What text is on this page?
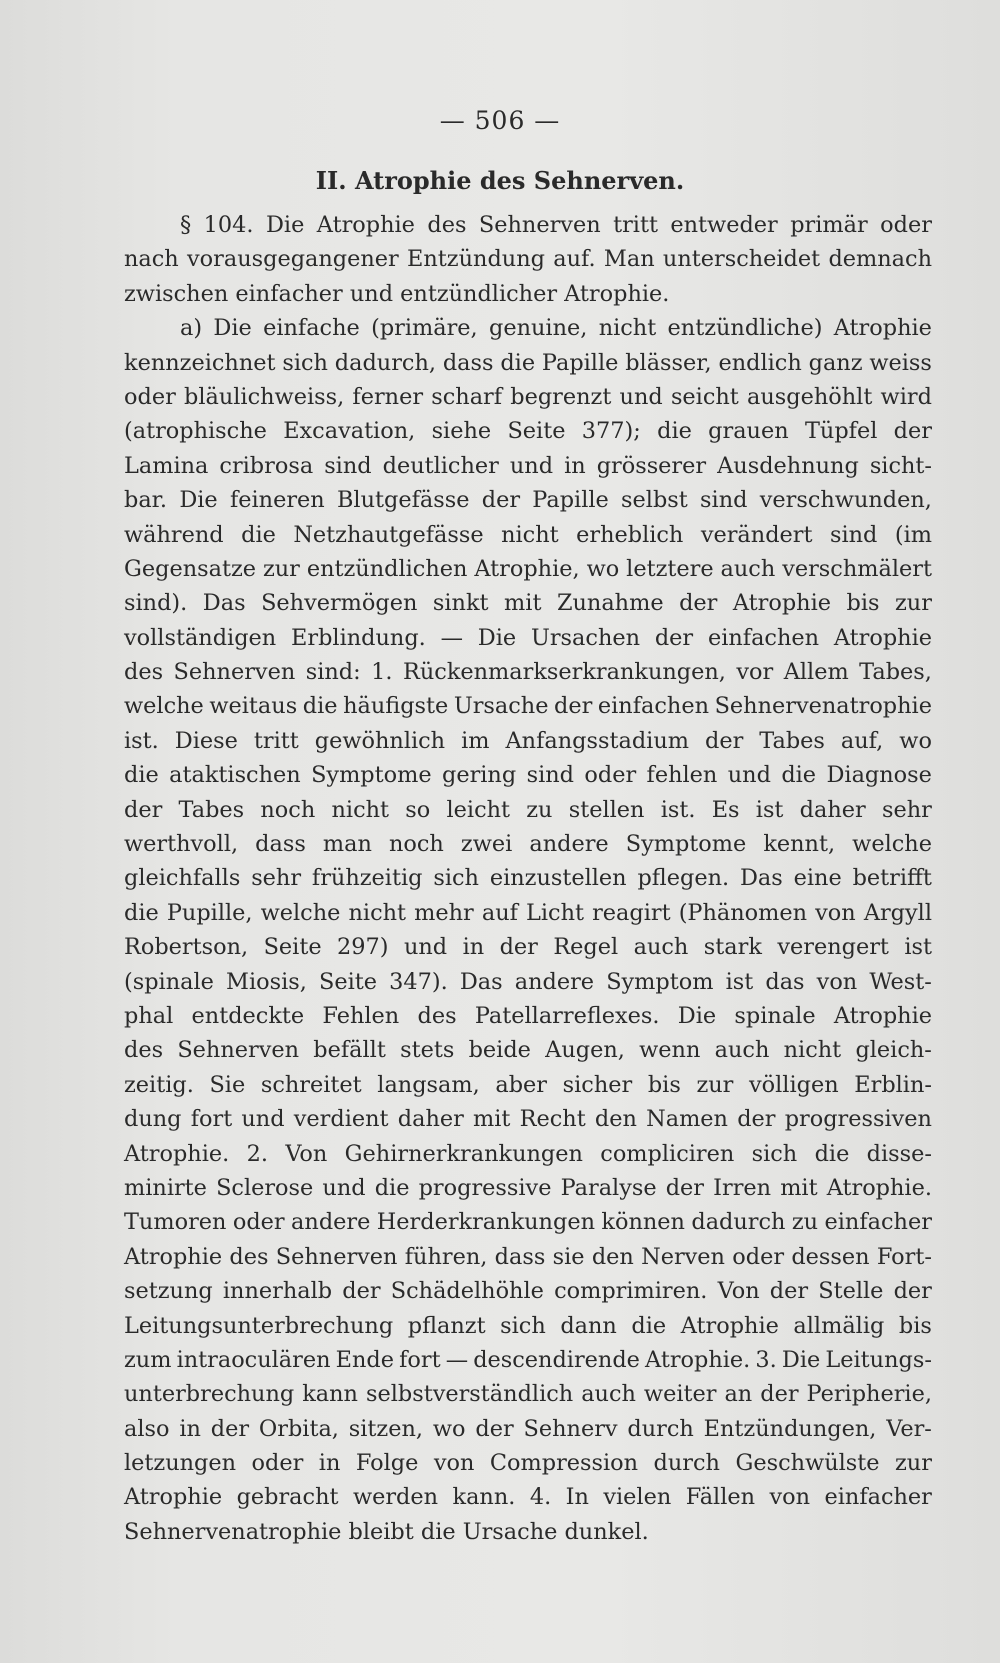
— 506 —
II. Atrophie des Sehnerven.
§ 104. Die Atrophie des Sehnerven tritt entweder primär oder
nach vorausgegangener Entzündung auf. Man unterscheidet demnach
zwischen einfacher und entzündlicher Atrophie.
a) Die einfache (primäre, genuine, nicht entzündliche) Atrophie
kennzeichnet sich dadurch, dass die Papille blässer, endlich ganz weiss
oder bläulichweiss, ferner scharf begrenzt und seicht ausgehöhlt wird
(atrophische Excavation, siehe Seite 377); die grauen Tüpfel der
Lamina cribrosa sind deutlicher und in grösserer Ausdehnung sicht-
bar. Die feineren Blutgefässe der Papille selbst sind verschwunden,
während die Netzhautgefässe nicht erheblich verändert sind (im
Gegensatze zur entzündlichen Atrophie, wo letztere auch verschmälert
sind). Das Sehvermögen sinkt mit Zunahme der Atrophie bis zur
vollständigen Erblindung. — Die Ursachen der einfachen Atrophie
des Sehnerven sind: 1. Rückenmarkserkrankungen, vor Allem Tabes,
welche weitaus die häufigste Ursache der einfachen Sehnervenatrophie
ist. Diese tritt gewöhnlich im Anfangsstadium der Tabes auf, wo
die ataktischen Symptome gering sind oder fehlen und die Diagnose
der Tabes noch nicht so leicht zu stellen ist. Es ist daher sehr
werthvoll, dass man noch zwei andere Symptome kennt, welche
gleichfalls sehr frühzeitig sich einzustellen pflegen. Das eine betrifft
die Pupille, welche nicht mehr auf Licht reagirt (Phänomen von Argyll
Robertson, Seite 297) und in der Regel auch stark verengert ist
(spinale Miosis, Seite 347). Das andere Symptom ist das von West-
phal entdeckte Fehlen des Patellarreflexes. Die spinale Atrophie
des Sehnerven befällt stets beide Augen, wenn auch nicht gleich-
zeitig. Sie schreitet langsam, aber sicher bis zur völligen Erblin-
dung fort und verdient daher mit Recht den Namen der progressiven
Atrophie. 2. Von Gehirnerkrankungen compliciren sich die disse-
minirte Sclerose und die progressive Paralyse der Irren mit Atrophie.
Tumoren oder andere Herderkrankungen können dadurch zu einfacher
Atrophie des Sehnerven führen, dass sie den Nerven oder dessen Fort-
setzung innerhalb der Schädelhöhle comprimiren. Von der Stelle der
Leitungsunterbrechung pflanzt sich dann die Atrophie allmälig bis
zum intraoculären Ende fort — descendirende Atrophie. 3. Die Leitungs-
unterbrechung kann selbstverständlich auch weiter an der Peripherie,
also in der Orbita, sitzen, wo der Sehnerv durch Entzündungen, Ver-
letzungen oder in Folge von Compression durch Geschwülste zur
Atrophie gebracht werden kann. 4. In vielen Fällen von einfacher
Sehnervenatrophie bleibt die Ursache dunkel.
